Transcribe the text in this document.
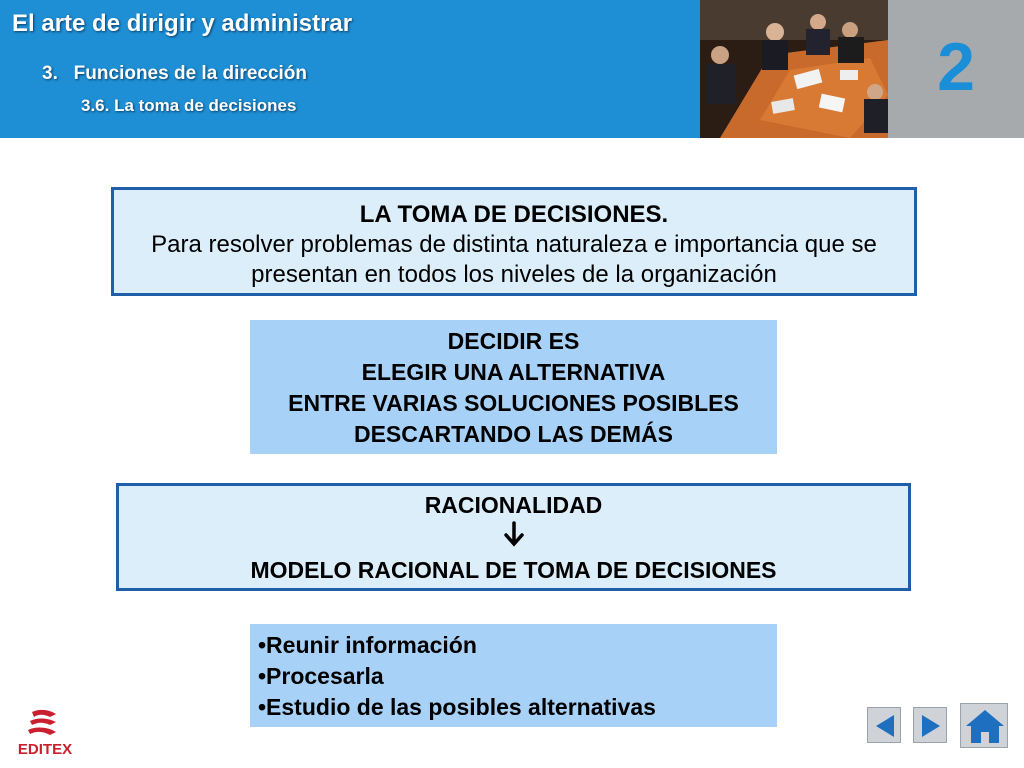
El arte de dirigir y administrar
3.   Funciones de la dirección
3.6. La toma de decisiones
2
LA TOMA DE DECISIONES.
Para resolver problemas de distinta naturaleza e importancia que se
presentan en todos los niveles de la organización
DECIDIR ES
ELEGIR UNA ALTERNATIVA
ENTRE VARIAS SOLUCIONES POSIBLES
DESCARTANDO LAS DEMÁS
RACIONALIDAD
MODELO RACIONAL DE TOMA DE DECISIONES
•Reunir información
•Procesarla
•Estudio de las posibles alternativas
EDITEX
